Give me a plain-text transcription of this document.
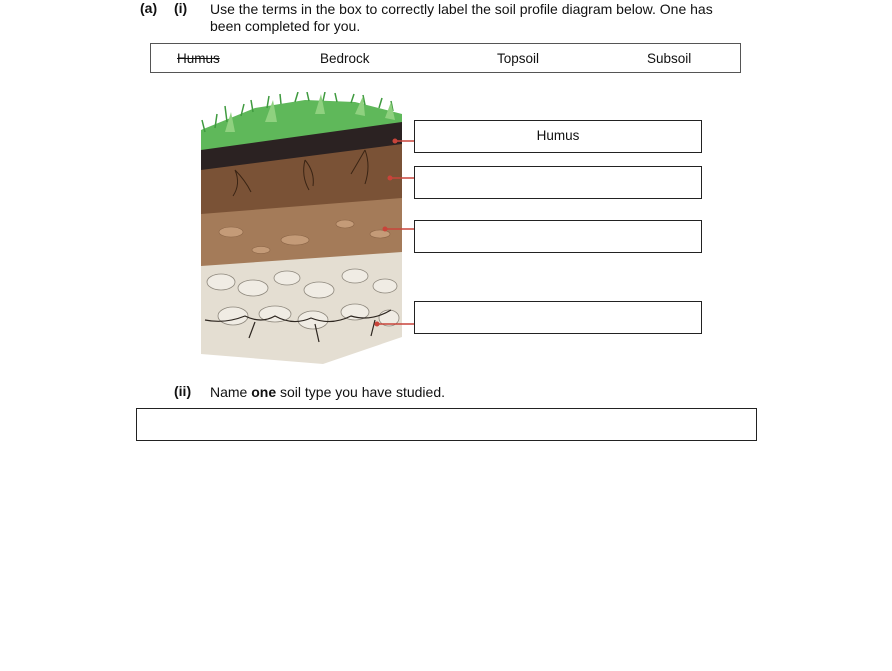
(a) (i) Use the terms in the box to correctly label the soil profile diagram below. One has
been completed for you.
Humus	Bedrock	Topsoil	Subsoil
Humus
(ii) Name one soil type you have studied.
